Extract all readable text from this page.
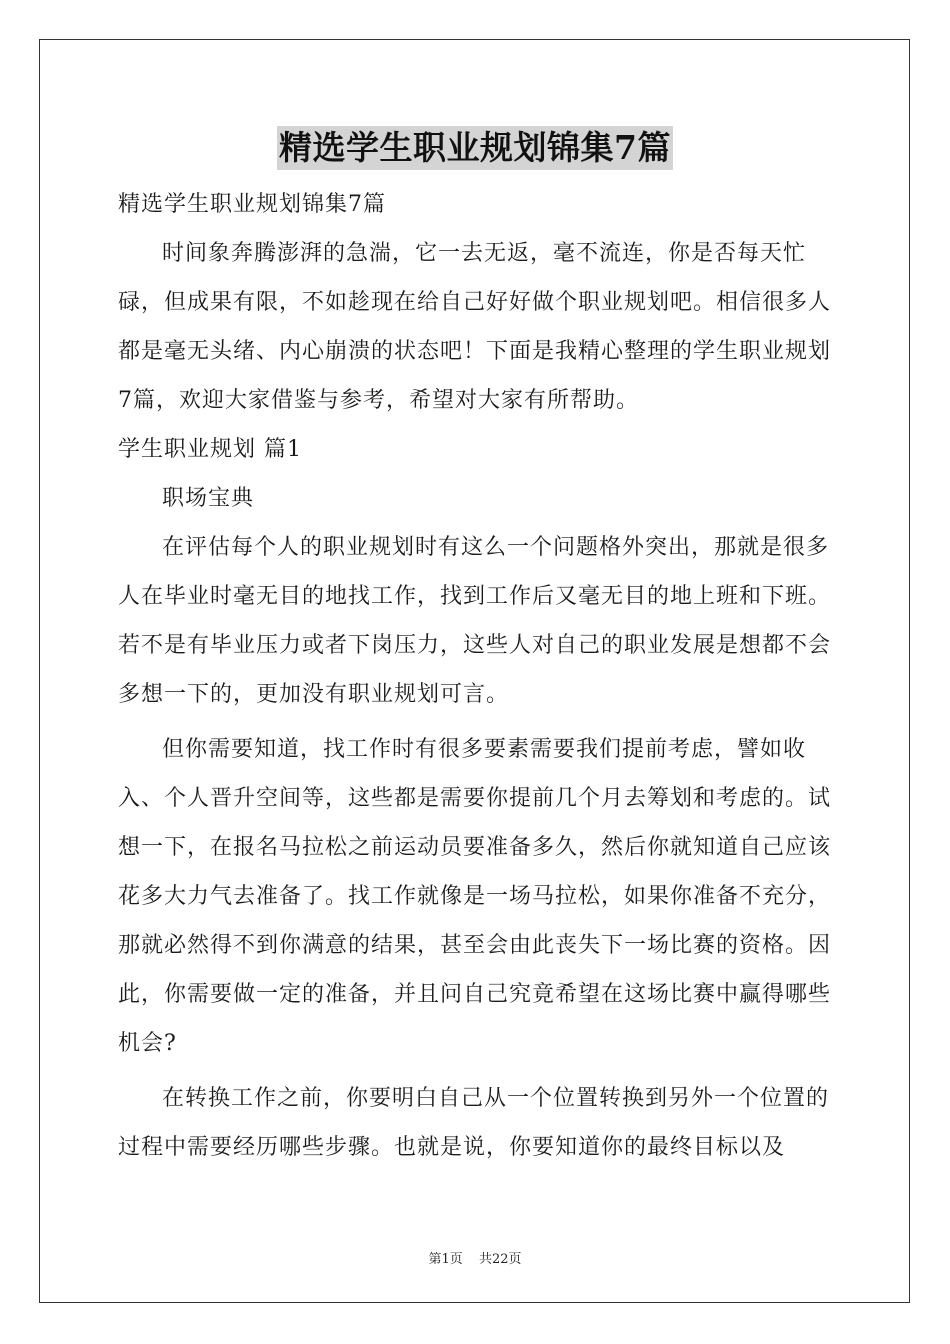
精选学生职业规划锦集7篇

精选学生职业规划锦集7篇

时间象奔腾澎湃的急湍，它一去无返，毫不流连，你是否每天忙碌，但成果有限，不如趁现在给自己好好做个职业规划吧。相信很多人都是毫无头绪、内心崩溃的状态吧！下面是我精心整理的学生职业规划7篇，欢迎大家借鉴与参考，希望对大家有所帮助。

学生职业规划 篇1

职场宝典

在评估每个人的职业规划时有这么一个问题格外突出，那就是很多人在毕业时毫无目的地找工作，找到工作后又毫无目的地上班和下班。若不是有毕业压力或者下岗压力，这些人对自己的职业发展是想都不会多想一下的，更加没有职业规划可言。

但你需要知道，找工作时有很多要素需要我们提前考虑，譬如收入、个人晋升空间等，这些都是需要你提前几个月去筹划和考虑的。试想一下，在报名马拉松之前运动员要准备多久，然后你就知道自己应该花多大力气去准备了。找工作就像是一场马拉松，如果你准备不充分，那就必然得不到你满意的结果，甚至会由此丧失下一场比赛的资格。因此，你需要做一定的准备，并且问自己究竟希望在这场比赛中赢得哪些机会?

在转换工作之前，你要明白自己从一个位置转换到另外一个位置的过程中需要经历哪些步骤。也就是说，你要知道你的最终目标以及

第1页 共22页
